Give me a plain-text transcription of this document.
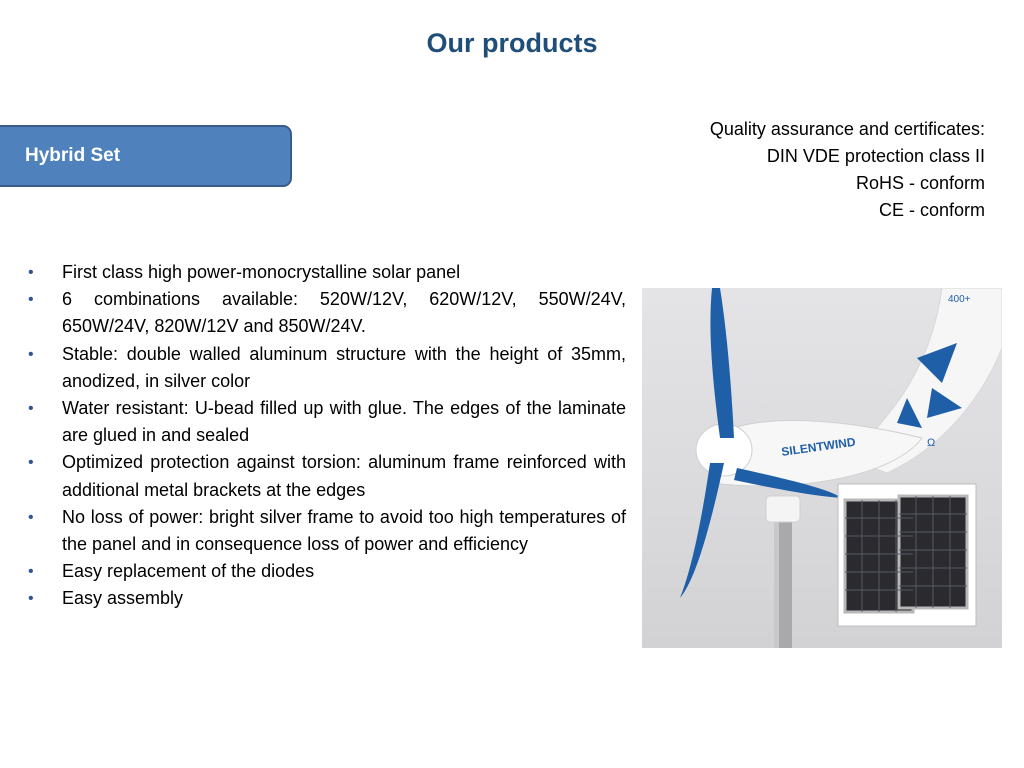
Our products
Hybrid Set
Quality assurance and certificates:
DIN VDE protection class II
RoHS - conform
CE - conform
• First class high power-monocrystalline solar panel
• 6 combinations available: 520W/12V, 620W/12V, 550W/24V, 650W/24V, 820W/12V and 850W/24V.
• Stable: double walled aluminum structure with the height of 35mm, anodized, in silver color
• Water resistant: U-bead filled up with glue. The edges of the laminate are glued in and sealed
• Optimized protection against torsion: aluminum frame reinforced with additional metal brackets at the edges
• No loss of power: bright silver frame to avoid too high temperatures of the panel and in consequence loss of power and efficiency
• Easy replacement of the diodes
• Easy assembly
400+
Ω
SILENTWIND
